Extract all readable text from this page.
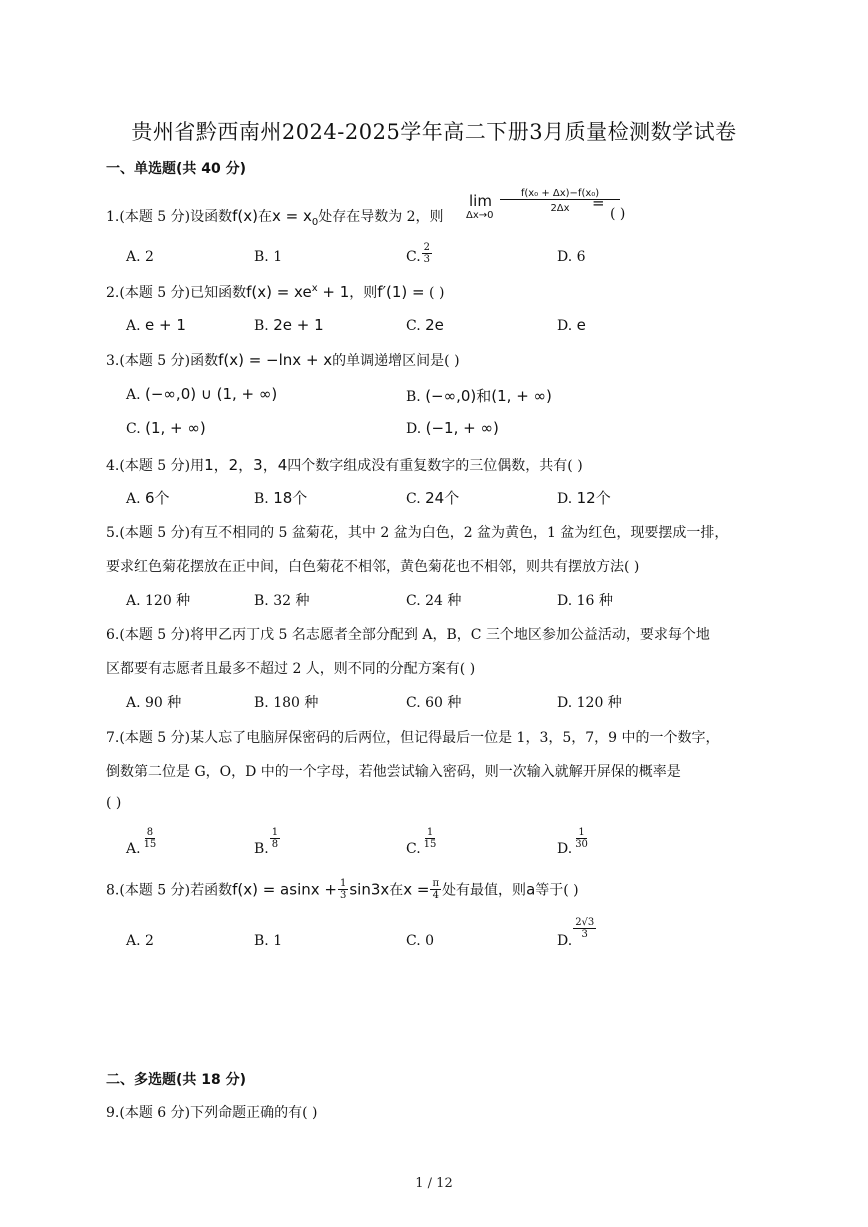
贵州省黔西南州2024-2025学年高二下册3月质量检测数学试卷
一、单选题(共 40 分)
1.(本题 5 分)设函数f(x)在$x = x_0$处存在导数为 2，则
lim
Δx→0
f(x₀ + Δx)−f(x₀)
2Δx	=
( )
A. 2	B. 1	C. $\frac{2}{3}$	D. 6
2.(本题 5 分)已知函数$f(x) = xe^x + 1$，则f′(1) = ( )
A. e + 1	B. 2e + 1	C. 2e	D. e
3.(本题 5 分)函数f(x) = −lnx + x的单调递增区间是( )
A. (−∞,0) ∪ (1, + ∞)	B. (−∞,0)和(1, + ∞)
C. (1, + ∞)	D. (−1, + ∞)
4.(本题 5 分)用1，2，3，4四个数字组成没有重复数字的三位偶数，共有( )
A. 6个	B. 18个	C. 24个	D. 12个
5.(本题 5 分)有互不相同的 5 盆菊花，其中 2 盆为白色，2 盆为黄色，1 盆为红色，现要摆成一排，
要求红色菊花摆放在正中间，白色菊花不相邻，黄色菊花也不相邻，则共有摆放方法( )
A. 120 种	B. 32 种	C. 24 种	D. 16 种
6.(本题 5 分)将甲乙丙丁戊 5 名志愿者全部分配到 A，B，C 三个地区参加公益活动，要求每个地
区都要有志愿者且最多不超过 2 人，则不同的分配方案有( )
A. 90 种	B. 180 种	C. 60 种	D. 120 种
7.(本题 5 分)某人忘了电脑屏保密码的后两位，但记得最后一位是 1，3，5，7，9 中的一个数字，
倒数第二位是 G，O，D 中的一个字母，若他尝试输入密码，则一次输入就解开屏保的概率是
( )
A. $\frac{8}{15}$	B. $\frac{1}{8}$	C. $\frac{1}{15}$	D. $\frac{1}{30}$
8.(本题 5 分)若函数$f(x) = asinx + \frac{1}{3} \sin 3x$在$x = \frac{\pi}{4}$ 处有最值，则a等于( )
A. 2	B. 1	C. 0	D.
$\frac{2√3}{3}$
二、多选题(共 18 分)
9.(本题 6 分)下列命题正确的有( )
1 / 12
